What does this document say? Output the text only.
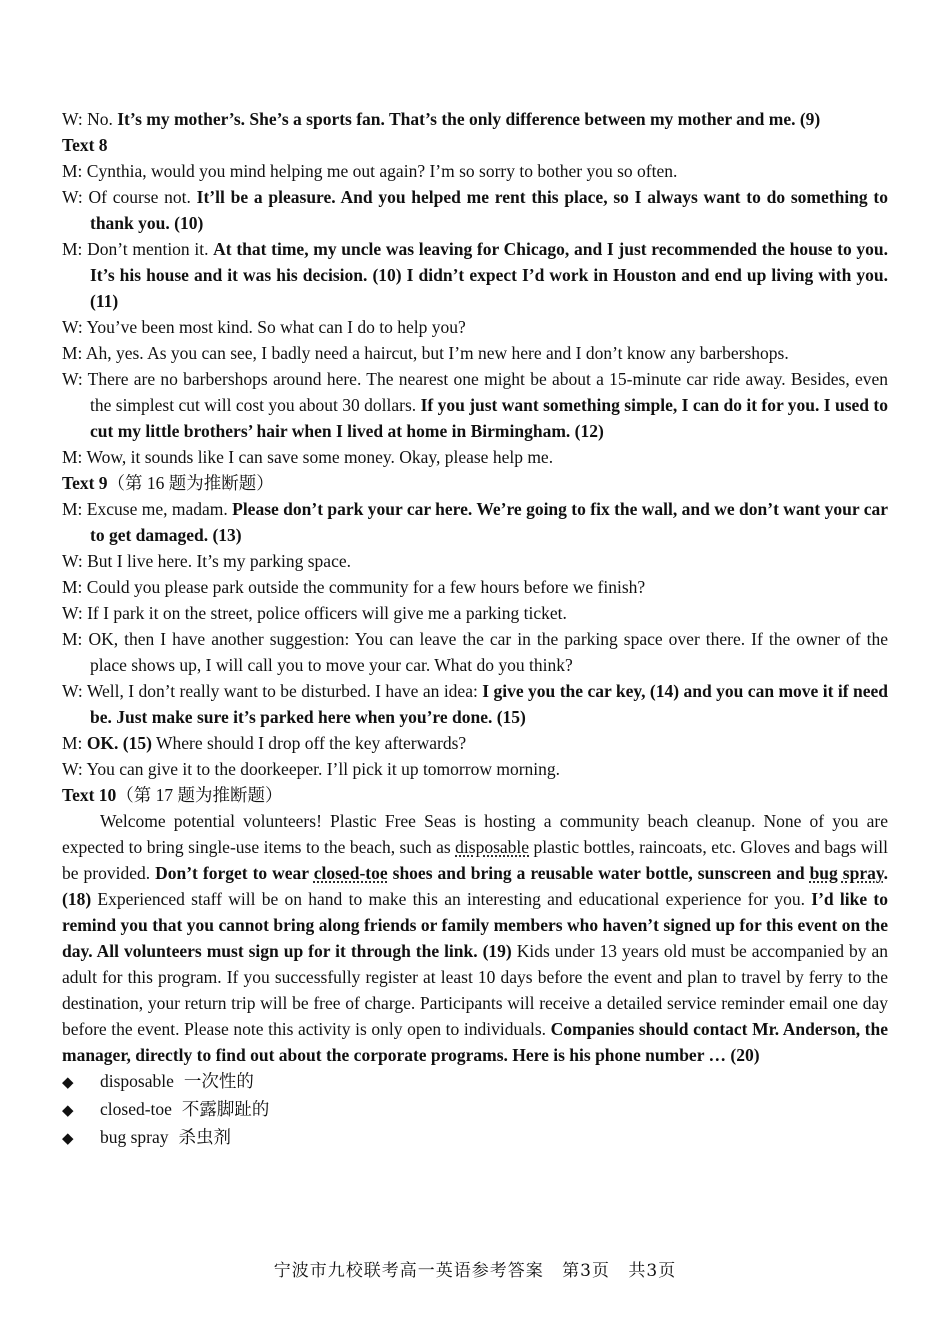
W: No. It’s my mother’s. She’s a sports fan. That’s the only difference between my mother and me. (9)

Text 8

M: Cynthia, would you mind helping me out again? I’m so sorry to bother you so often.

W: Of course not. It’ll be a pleasure. And you helped me rent this place, so I always want to do something to thank you. (10)

M: Don’t mention it. At that time, my uncle was leaving for Chicago, and I just recommended the house to you. It’s his house and it was his decision. (10) I didn’t expect I’d work in Houston and end up living with you. (11)

W: You’ve been most kind. So what can I do to help you?

M: Ah, yes. As you can see, I badly need a haircut, but I’m new here and I don’t know any barbershops.

W: There are no barbershops around here. The nearest one might be about a 15-minute car ride away. Besides, even the simplest cut will cost you about 30 dollars. If you just want something simple, I can do it for you. I used to cut my little brothers’ hair when I lived at home in Birmingham. (12)

M: Wow, it sounds like I can save some money. Okay, please help me.

Text 9（第 16 题为推断题）

M: Excuse me, madam. Please don’t park your car here. We’re going to fix the wall, and we don’t want your car to get damaged. (13)

W: But I live here. It’s my parking space.

M: Could you please park outside the community for a few hours before we finish?

W: If I park it on the street, police officers will give me a parking ticket.

M: OK, then I have another suggestion: You can leave the car in the parking space over there. If the owner of the place shows up, I will call you to move your car. What do you think?

W: Well, I don’t really want to be disturbed. I have an idea: I give you the car key, (14) and you can move it if need be. Just make sure it’s parked here when you’re done. (15)

M: OK. (15) Where should I drop off the key afterwards?

W: You can give it to the doorkeeper. I’ll pick it up tomorrow morning.

Text 10（第 17 题为推断题）

Welcome potential volunteers! Plastic Free Seas is hosting a community beach cleanup. None of you are expected to bring single-use items to the beach, such as disposable plastic bottles, raincoats, etc. Gloves and bags will be provided. Don’t forget to wear closed-toe shoes and bring a reusable water bottle, sunscreen and bug spray. (18) Experienced staff will be on hand to make this an interesting and educational experience for you. I’d like to remind you that you cannot bring along friends or family members who haven’t signed up for this event on the day. All volunteers must sign up for it through the link. (19) Kids under 13 years old must be accompanied by an adult for this program. If you successfully register at least 10 days before the event and plan to travel by ferry to the destination, your return trip will be free of charge. Participants will receive a detailed service reminder email one day before the event. Please note this activity is only open to individuals. Companies should contact Mr. Anderson, the manager, directly to find out about the corporate programs. Here is his phone number … (20)

◆	disposable 一次性的
◆	closed-toe 不露脚趾的
◆	bug spray 杀虫剂
宁波市九校联考高一英语参考答案 第3页 共3页
